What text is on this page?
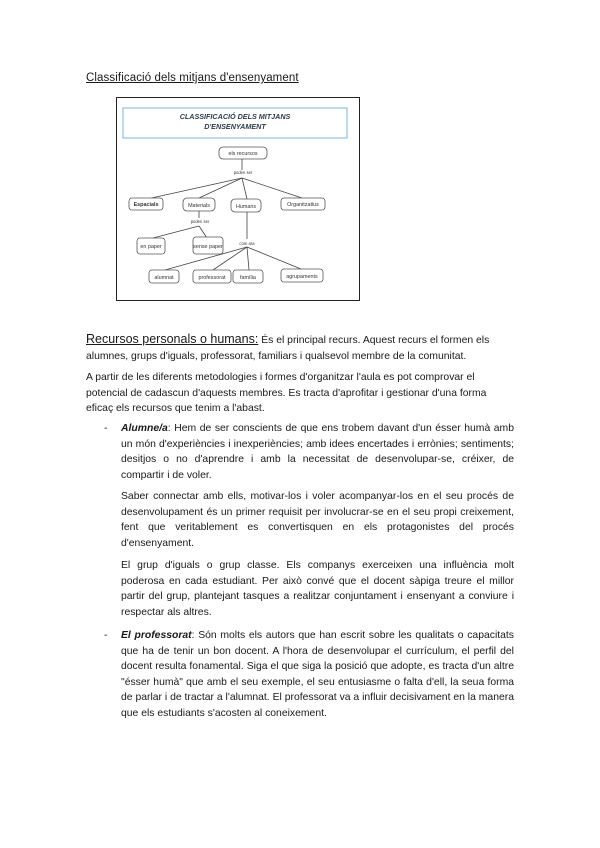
Classificació dels mitjans d'ensenyament
CLASSIFICACIÓ DELS MITJANS
D'ENSENYAMENT
els recursos
poden ser
Espacials	Materials	Humans	Organitzatius
poden ser
en paper	sense paper
com ara
alumnat	professorat	família	agrupaments
Recursos personals o humans: És el principal recurs. Aquest recurs el formen els alumnes, grups d'iguals, professorat, familiars i qualsevol membre de la comunitat.
A partir de les diferents metodologies i formes d'organitzar l'aula es pot comprovar el potencial de cadascun d'aquests membres. Es tracta d'aprofitar i gestionar d'una forma eficaç els recursos que tenim a l'abast.
- Alumne/a: Hem de ser conscients de que ens trobem davant d'un ésser humà amb un món d'experiències i inexperiències; amb idees encertades i errònies; sentiments; desitjos o no d'aprendre i amb la necessitat de desenvolupar-se, créixer, de compartir i de voler.
Saber connectar amb ells, motivar-los i voler acompanyar-los en el seu procés de desenvolupament és un primer requisit per involucrar-se en el seu propi creixement, fent que veritablement es convertisquen en els protagonistes del procés d'ensenyament.
El grup d'iguals o grup classe. Els companys exerceixen una influència molt poderosa en cada estudiant. Per això convé que el docent sàpiga treure el millor partir del grup, plantejant tasques a realitzar conjuntament i ensenyant a conviure i respectar als altres.
- El professorat: Són molts els autors que han escrit sobre les qualitats o capacitats que ha de tenir un bon docent. A l'hora de desenvolupar el currículum, el perfil del docent resulta fonamental. Siga el que siga la posició que adopte, es tracta d'un altre "ésser humà" que amb el seu exemple, el seu entusiasme o falta d'ell, la seua forma de parlar i de tractar a l'alumnat. El professorat va a influir decisivament en la manera que els estudiants s'acosten al coneixement.
